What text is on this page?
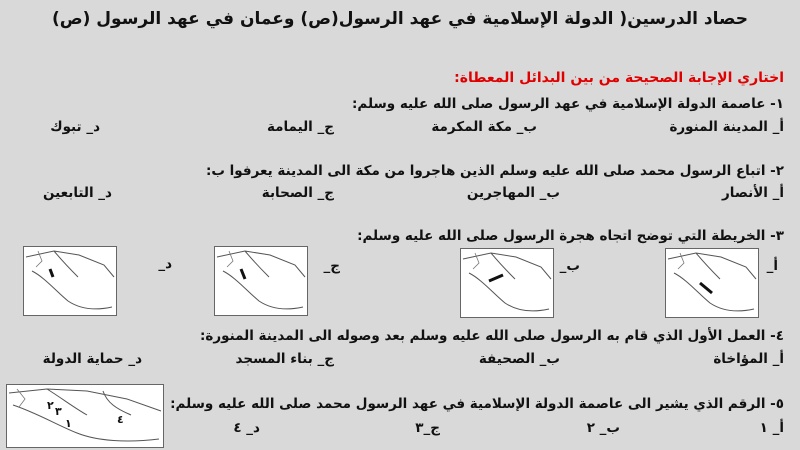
حصاد الدرسين( الدولة الإسلامية في عهد الرسول(ص) وعمان في عهد الرسول (ص)
اختاري الإجابة الصحيحة من بين البدائل المعطاة:
١- عاصمة الدولة الإسلامية في عهد الرسول صلى الله عليه وسلم:
أ_ المدينة المنورة
ب_ مكة المكرمة
ج_ اليمامة
د_ تبوك
٢- اتباع الرسول محمد صلى الله عليه وسلم الذين هاجروا من مكة الى المدينة يعرفوا ب:
أ_ الأنصار
ب_ المهاجرين
ج_ الصحابة
د_ التابعين
٣- الخريطة التي توضح اتجاه هجرة الرسول صلى الله عليه وسلم:
أ_
ب_
ج_
د_
٤- العمل الأول الذي قام به الرسول صلى الله عليه وسلم بعد وصوله الى المدينة المنورة:
أ_ المؤاخاة
ب_ الصحيفة
ج_ بناء المسجد
د_ حماية الدولة
٥- الرقم الذي يشير الى عاصمة الدولة الإسلامية في عهد الرسول محمد صلى الله عليه وسلم:
أ_ ١
ب_ ٢
ج_٣
د_ ٤
١
٢ ٣
٤
